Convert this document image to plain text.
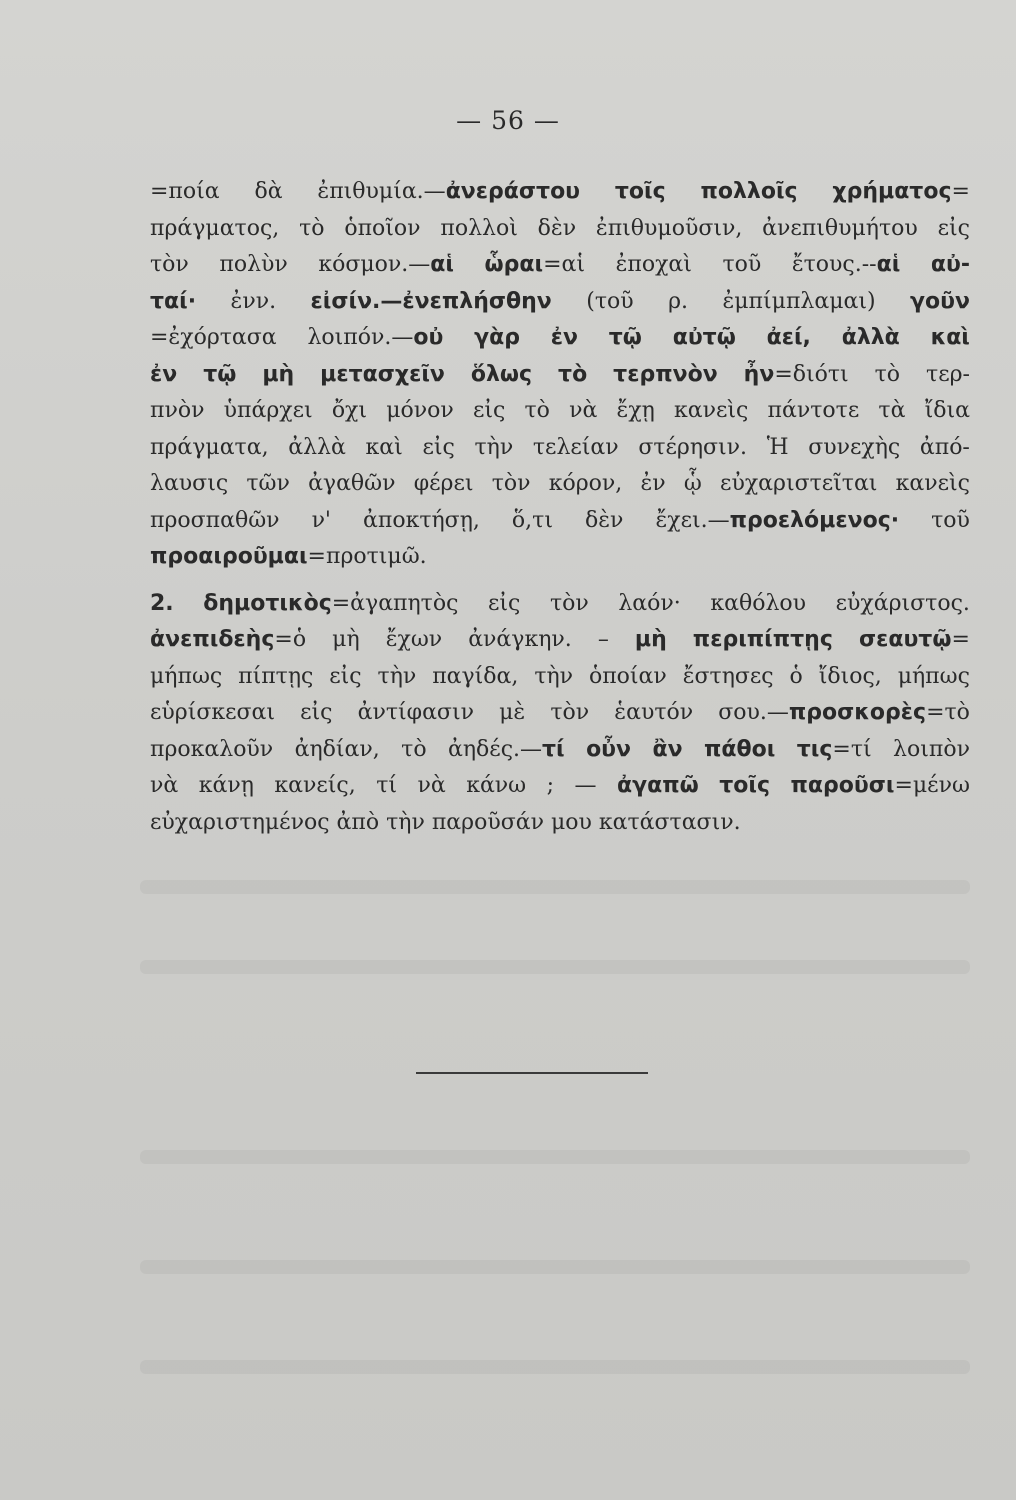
— 56 —
=ποία δὰ ἐπιθυμία.—ἀνεράστου τοῖς πολλοῖς χρήματος=
πράγματος, τὸ ὁποῖον πολλοὶ δὲν ἐπιθυμοῦσιν, ἀνεπιθυμήτου εἰς
τὸν πολὺν κόσμον.—αἱ ὧραι=αἱ ἐποχαὶ τοῦ ἔτους.--αἱ αὐ-
ταί· ἐνν. εἰσίν.—ἐνεπλήσθην (τοῦ ρ. ἐμπίμπλαμαι) γοῦν
=ἐχόρτασα λοιπόν.—οὐ γὰρ ἐν τῷ αὐτῷ ἀεί, ἀλλὰ καὶ
ἐν τῷ μὴ μετασχεῖν ὅλως τὸ τερπνὸν ἦν=διότι τὸ τερ-
πνὸν ὑπάρχει ὄχι μόνον εἰς τὸ νὰ ἔχῃ κανεὶς πάντοτε τὰ ἴδια
πράγματα, ἀλλὰ καὶ εἰς τὴν τελείαν στέρησιν. Ἡ συνεχὴς ἀπό-
λαυσις τῶν ἀγαθῶν φέρει τὸν κόρον, ἐν ᾧ εὐχαριστεῖται κανεὶς
προσπαθῶν ν' ἀποκτήσῃ, ὅ,τι δὲν ἔχει.—προελόμενος· τοῦ
προαιροῦμαι=προτιμῶ.
2. δημοτικὸς=ἀγαπητὸς εἰς τὸν λαόν· καθόλου εὐχάριστος.
ἀνεπιδεὴς=ὁ μὴ ἔχων ἀνάγκην. – μὴ περιπίπτῃς σεαυτῷ=
μήπως πίπτῃς εἰς τὴν παγίδα, τὴν ὁποίαν ἔστησες ὁ ἴδιος, μήπως
εὑρίσκεσαι εἰς ἀντίφασιν μὲ τὸν ἑαυτόν σου.—προσκορὲς=τὸ
προκαλοῦν ἀηδίαν, τὸ ἀηδές.—τί οὖν ἂν πάθοι τις=τί λοιπὸν
νὰ κάνῃ κανείς, τί νὰ κάνω ; — ἀγαπῶ τοῖς παροῦσι=μένω
εὐχαριστημένος
ἀπὸ
τὴν
παροῦσάν
μου
κατάστασιν.
